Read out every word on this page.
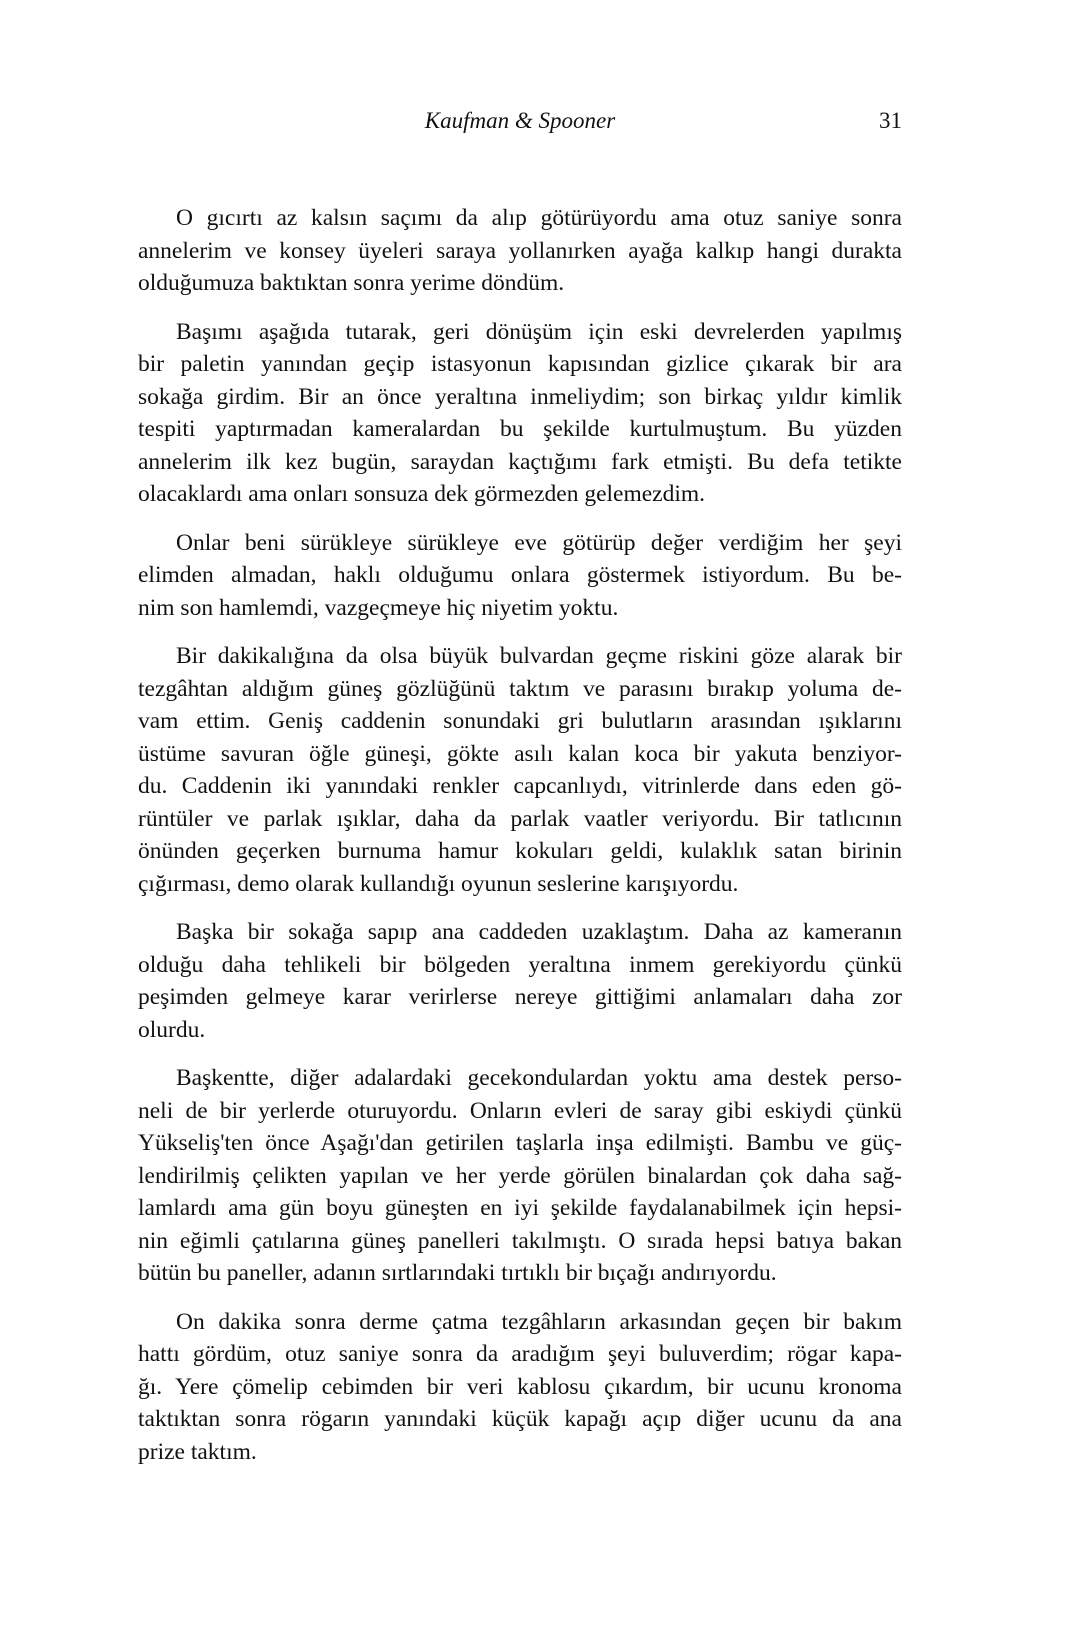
Kaufman & Spooner	31
O gıcırtı az kalsın saçımı da alıp götürüyordu ama otuz saniye sonra
annelerim ve konsey üyeleri saraya yollanırken ayağa kalkıp hangi durakta
olduğumuza baktıktan sonra yerime döndüm.
Başımı aşağıda tutarak, geri dönüşüm için eski devrelerden yapılmış
bir paletin yanından geçip istasyonun kapısından gizlice çıkarak bir ara
sokağa girdim. Bir an önce yeraltına inmeliydim; son birkaç yıldır kimlik
tespiti yaptırmadan kameralardan bu şekilde kurtulmuştum. Bu yüzden
annelerim ilk kez bugün, saraydan kaçtığımı fark etmişti. Bu defa tetikte
olacaklardı ama onları sonsuza dek görmezden gelemezdim.
Onlar beni sürükleye sürükleye eve götürüp değer verdiğim her şeyi
elimden almadan, haklı olduğumu onlara göstermek istiyordum. Bu be-
nim son hamlemdi, vazgeçmeye hiç niyetim yoktu.
Bir dakikalığına da olsa büyük bulvardan geçme riskini göze alarak bir
tezgâhtan aldığım güneş gözlüğünü taktım ve parasını bırakıp yoluma de-
vam ettim. Geniş caddenin sonundaki gri bulutların arasından ışıklarını
üstüme savuran öğle güneşi, gökte asılı kalan koca bir yakuta benziyor-
du. Caddenin iki yanındaki renkler capcanlıydı, vitrinlerde dans eden gö-
rüntüler ve parlak ışıklar, daha da parlak vaatler veriyordu. Bir tatlıcının
önünden geçerken burnuma hamur kokuları geldi, kulaklık satan birinin
çığırması, demo olarak kullandığı oyunun seslerine karışıyordu.
Başka bir sokağa sapıp ana caddeden uzaklaştım. Daha az kameranın
olduğu daha tehlikeli bir bölgeden yeraltına inmem gerekiyordu çünkü
peşimden gelmeye karar verirlerse nereye gittiğimi anlamaları daha zor
olurdu.
Başkentte, diğer adalardaki gecekondulardan yoktu ama destek perso-
neli de bir yerlerde oturuyordu. Onların evleri de saray gibi eskiydi çünkü
Yükseliş'ten önce Aşağı'dan getirilen taşlarla inşa edilmişti. Bambu ve güç-
lendirilmiş çelikten yapılan ve her yerde görülen binalardan çok daha sağ-
lamlardı ama gün boyu güneşten en iyi şekilde faydalanabilmek için hepsi-
nin eğimli çatılarına güneş panelleri takılmıştı. O sırada hepsi batıya bakan
bütün bu paneller, adanın sırtlarındaki tırtıklı bir bıçağı andırıyordu.
On dakika sonra derme çatma tezgâhların arkasından geçen bir bakım
hattı gördüm, otuz saniye sonra da aradığım şeyi buluverdim; rögar kapa-
ğı. Yere çömelip cebimden bir veri kablosu çıkardım, bir ucunu kronoma
taktıktan sonra rögarın yanındaki küçük kapağı açıp diğer ucunu da ana
prize taktım.
